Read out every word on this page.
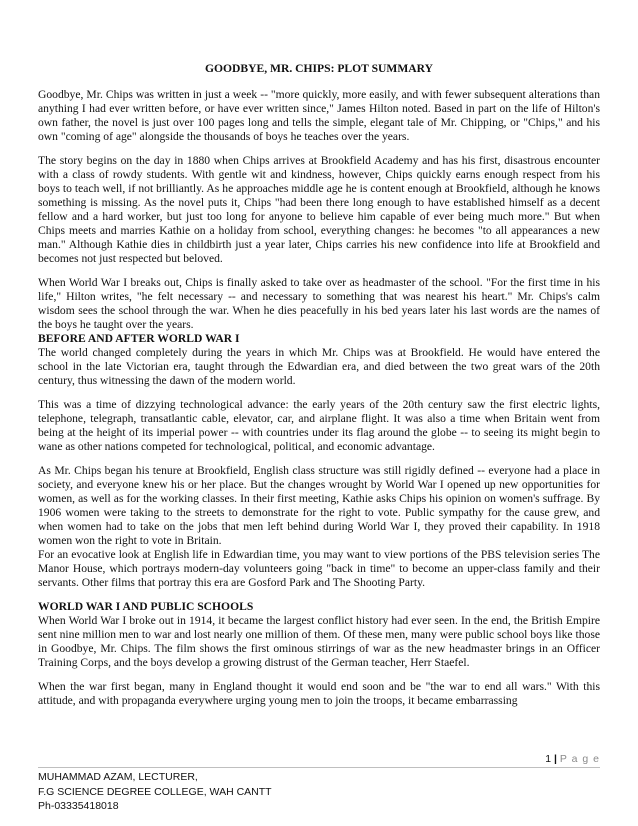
GOODBYE, MR. CHIPS: PLOT SUMMARY

Goodbye, Mr. Chips was written in just a week -- "more quickly, more easily, and with fewer subsequent alterations than anything I had ever written before, or have ever written since," James Hilton noted. Based in part on the life of Hilton's own father, the novel is just over 100 pages long and tells the simple, elegant tale of Mr. Chipping, or "Chips," and his own "coming of age" alongside the thousands of boys he teaches over the years.

The story begins on the day in 1880 when Chips arrives at Brookfield Academy and has his first, disastrous encounter with a class of rowdy students. With gentle wit and kindness, however, Chips quickly earns enough respect from his boys to teach well, if not brilliantly. As he approaches middle age he is content enough at Brookfield, although he knows something is missing. As the novel puts it, Chips "had been there long enough to have established himself as a decent fellow and a hard worker, but just too long for anyone to believe him capable of ever being much more." But when Chips meets and marries Kathie on a holiday from school, everything changes: he becomes "to all appearances a new man." Although Kathie dies in childbirth just a year later, Chips carries his new confidence into life at Brookfield and becomes not just respected but beloved.

When World War I breaks out, Chips is finally asked to take over as headmaster of the school. "For the first time in his life," Hilton writes, "he felt necessary -- and necessary to something that was nearest his heart." Mr. Chips's calm wisdom sees the school through the war. When he dies peacefully in his bed years later his last words are the names of the boys he taught over the years.

BEFORE AND AFTER WORLD WAR I

The world changed completely during the years in which Mr. Chips was at Brookfield. He would have entered the school in the late Victorian era, taught through the Edwardian era, and died between the two great wars of the 20th century, thus witnessing the dawn of the modern world.

This was a time of dizzying technological advance: the early years of the 20th century saw the first electric lights, telephone, telegraph, transatlantic cable, elevator, car, and airplane flight. It was also a time when Britain went from being at the height of its imperial power -- with countries under its flag around the globe -- to seeing its might begin to wane as other nations competed for technological, political, and economic advantage.

As Mr. Chips began his tenure at Brookfield, English class structure was still rigidly defined -- everyone had a place in society, and everyone knew his or her place. But the changes wrought by World War I opened up new opportunities for women, as well as for the working classes. In their first meeting, Kathie asks Chips his opinion on women's suffrage. By 1906 women were taking to the streets to demonstrate for the right to vote. Public sympathy for the cause grew, and when women had to take on the jobs that men left behind during World War I, they proved their capability. In 1918 women won the right to vote in Britain.

For an evocative look at English life in Edwardian time, you may want to view portions of the PBS television series The Manor House, which portrays modern-day volunteers going "back in time" to become an upper-class family and their servants. Other films that portray this era are Gosford Park and The Shooting Party.

WORLD WAR I AND PUBLIC SCHOOLS

When World War I broke out in 1914, it became the largest conflict history had ever seen. In the end, the British Empire sent nine million men to war and lost nearly one million of them. Of these men, many were public school boys like those in Goodbye, Mr. Chips. The film shows the first ominous stirrings of war as the new headmaster brings in an Officer Training Corps, and the boys develop a growing distrust of the German teacher, Herr Staefel.

When the war first began, many in England thought it would end soon and be "the war to end all wars." With this attitude, and with propaganda everywhere urging young men to join the troops, it became embarrassing

1 | P a g e
MUHAMMAD AZAM, LECTURER,
F.G SCIENCE DEGREE COLLEGE, WAH CANTT
Ph-03335418018
